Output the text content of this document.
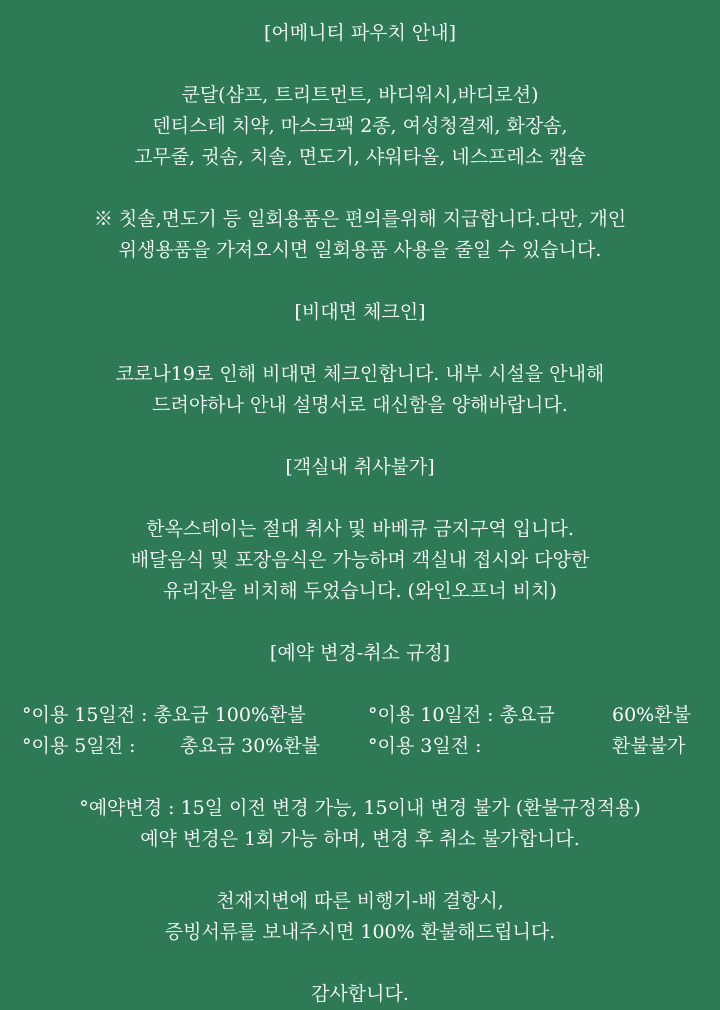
[어메니티 파우치 안내]
쿤달(샴프, 트리트먼트, 바디워시,바디로션)
덴티스테 치약, 마스크팩 2종, 여성청결제, 화장솜,
고무줄, 귓솜, 치솔, 면도기, 샤워타올, 네스프레소 캡슐
※ 칫솔,면도기 등 일회용품은 편의를위해 지급합니다.다만, 개인
위생용품을 가져오시면 일회용품 사용을 줄일 수 있습니다.
[비대면 체크인]
코로나19로 인해 비대면 체크인합니다. 내부 시설을 안내해
드려야하나 안내 설명서로 대신함을 양해바랍니다.
[객실내 취사불가]
한옥스테이는 절대 취사 및 바베큐 금지구역 입니다.
배달음식 및 포장음식은 가능하며 객실내 접시와 다양한
유리잔을 비치해 두었습니다. (와인오프너 비치)
[예약 변경-취소 규정]
°이용 15일전 : 총요금 100%환불	°이용 10일전 : 총요금	60%환불
°이용 5일전 : 총요금 30%환불	°이용 3일전 :	환불불가
°예약변경 : 15일 이전 변경 가능, 15이내 변경 불가 (환불규정적용)
예약 변경은 1회 가능 하며, 변경 후 취소 불가합니다.
천재지변에 따른 비행기-배 결항시,
증빙서류를 보내주시면 100% 환불해드립니다.
감사합니다.
